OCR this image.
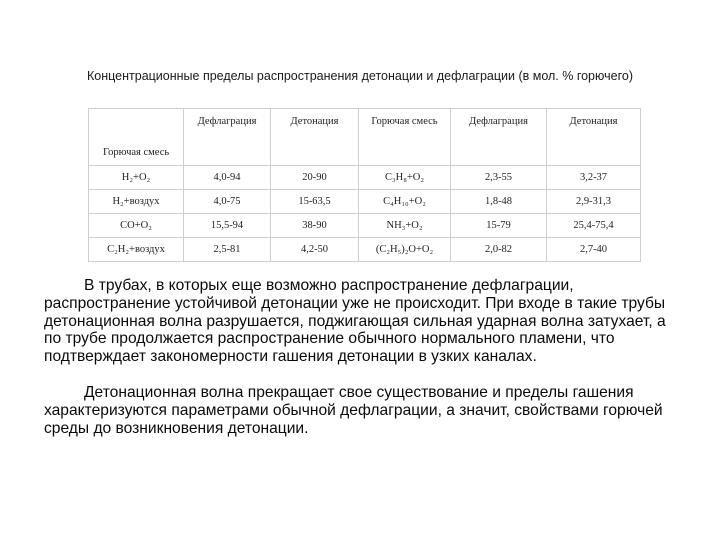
Концентрационные пределы распространения детонации и дефлаграции (в мол. % горючего)
Горючая смесь	Дефлаграция	Детонация	Горючая смесь	Дефлаграция	Детонация
H₂+O₂	4,0-94	20-90	C₃H₈+O₂	2,3-55	3,2-37
H₂+воздух	4,0-75	15-63,5	C₄H₁₀+O₂	1,8-48	2,9-31,3
CO+O₂	15,5-94	38-90	NH₃+O₂	15-79	25,4-75,4
C₂H₂+воздух	2,5-81	4,2-50	(C₂H₅)₂O+O₂	2,0-82	2,7-40

В трубах, в которых еще возможно распространение дефлаграции, распространение устойчивой детонации уже не происходит. При входе в такие трубы детонационная волна разрушается, поджигающая сильная ударная волна затухает, а по трубе продолжается распространение обычного нормального пламени, что подтверждает закономерности гашения детонации в узких каналах.

Детонационная волна прекращает свое существование и пределы гашения характеризуются параметрами обычной дефлаграции, а значит, свойствами горючей среды до возникновения детонации.
